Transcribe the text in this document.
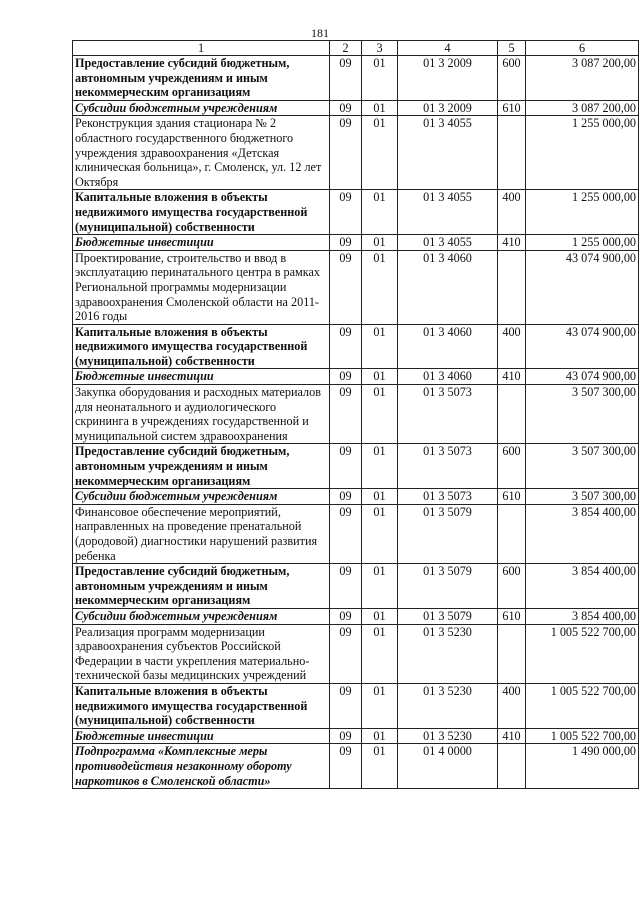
181
1	2	3	4	5	6
Предоставление субсидий бюджетным, автономным учреждениям и иным некоммерческим организациям	09	01	01 3 2009	600	3 087 200,00
Субсидии бюджетным учреждениям	09	01	01 3 2009	610	3 087 200,00
Реконструкция здания стационара № 2 областного государственного бюджетного учреждения здравоохранения «Детская клиническая больница», г. Смоленск, ул. 12 лет Октября	09	01	01 3 4055		1 255 000,00
Капитальные вложения в объекты недвижимого имущества государственной (муниципальной) собственности	09	01	01 3 4055	400	1 255 000,00
Бюджетные инвестиции	09	01	01 3 4055	410	1 255 000,00
Проектирование, строительство и ввод в эксплуатацию перинатального центра в рамках Региональной программы модернизации здравоохранения Смоленской области на 2011-2016 годы	09	01	01 3 4060		43 074 900,00
Капитальные вложения в объекты недвижимого имущества государственной (муниципальной) собственности	09	01	01 3 4060	400	43 074 900,00
Бюджетные инвестиции	09	01	01 3 4060	410	43 074 900,00
Закупка оборудования и расходных материалов для неонатального и аудиологического скрининга в учреждениях государственной и муниципальной систем здравоохранения	09	01	01 3 5073		3 507 300,00
Предоставление субсидий бюджетным, автономным учреждениям и иным некоммерческим организациям	09	01	01 3 5073	600	3 507 300,00
Субсидии бюджетным учреждениям	09	01	01 3 5073	610	3 507 300,00
Финансовое обеспечение мероприятий, направленных на проведение пренатальной (дородовой) диагностики нарушений развития ребенка	09	01	01 3 5079		3 854 400,00
Предоставление субсидий бюджетным, автономным учреждениям и иным некоммерческим организациям	09	01	01 3 5079	600	3 854 400,00
Субсидии бюджетным учреждениям	09	01	01 3 5079	610	3 854 400,00
Реализация программ модернизации здравоохранения субъектов Российской Федерации в части укрепления материально-технической базы медицинских учреждений	09	01	01 3 5230		1 005 522 700,00
Капитальные вложения в объекты недвижимого имущества государственной (муниципальной) собственности	09	01	01 3 5230	400	1 005 522 700,00
Бюджетные инвестиции	09	01	01 3 5230	410	1 005 522 700,00
Подпрограмма «Комплексные меры противодействия незаконному обороту наркотиков в Смоленской области»	09	01	01 4 0000		1 490 000,00
